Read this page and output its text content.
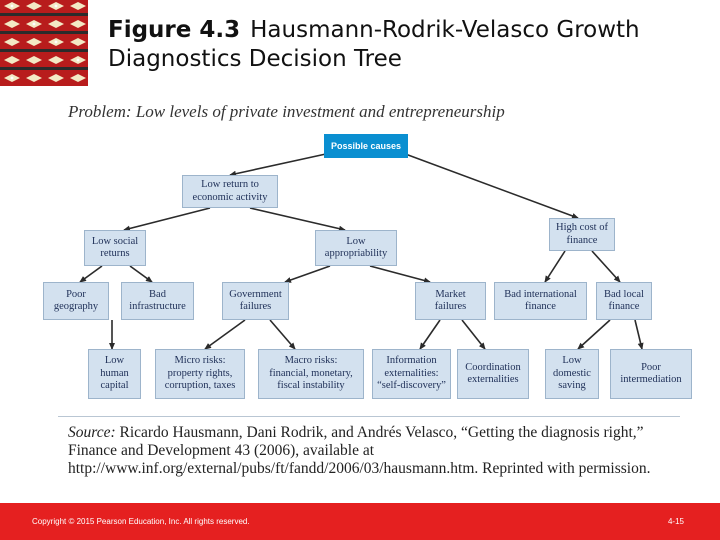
Figure 4.3 Hausmann-Rodrik-Velasco Growth Diagnostics Decision Tree
Problem: Low levels of private investment and entrepreneurship
Possible causes
Low return to
economic activity
High cost of
finance
Low social
returns
Low
appropriability
Poor
geography
Bad
infrastructure
Government
failures
Market
failures
Bad international
finance
Bad local
finance
Low
human
capital
Micro risks:
property rights,
corruption, taxes
Macro risks:
financial, monetary,
fiscal instability
Information
externalities:
“self-discovery”
Coordination
externalities
Low
domestic
saving
Poor
intermediation
Source: Ricardo Hausmann, Dani Rodrik, and Andrés Velasco, “Getting the diagnosis right,” Finance and Development 43 (2006), available at http://www.inf.org/external/pubs/ft/fandd/2006/03/hausmann.htm. Reprinted with permission.
Copyright © 2015 Pearson Education, Inc. All rights reserved.	4-15
